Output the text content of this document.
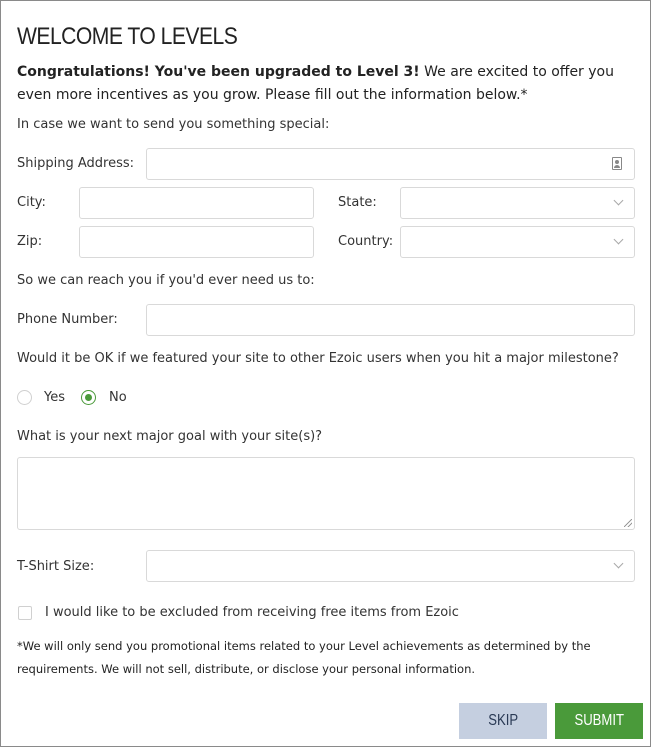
WELCOME TO LEVELS
Congratulations! You've been upgraded to Level 3! We are excited to offer you even more incentives as you grow. Please fill out the information below.*
In case we want to send you something special:
Shipping Address:
City:	State:
Zip:	Country:
So we can reach you if you'd ever need us to:
Phone Number:
Would it be OK if we featured your site to other Ezoic users when you hit a major milestone?
Yes	No
What is your next major goal with your site(s)?
T-Shirt Size:
I would like to be excluded from receiving free items from Ezoic
*We will only send you promotional items related to your Level achievements as determined by the requirements. We will not sell, distribute, or disclose your personal information.
SKIP	SUBMIT
